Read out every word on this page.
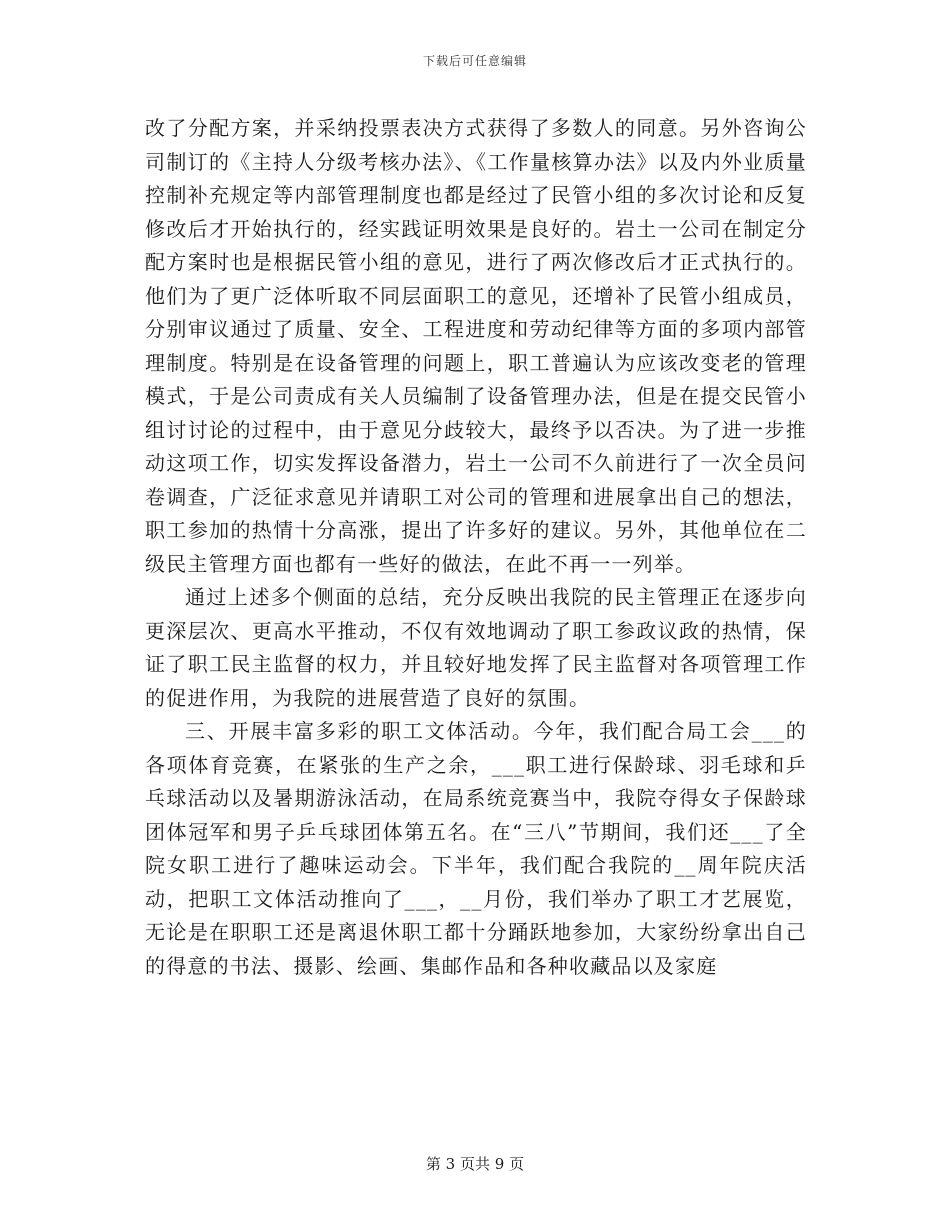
下载后可任意编辑

改了分配方案，并采纳投票表决方式获得了多数人的同意。另外咨询公司制订的《主持人分级考核办法》、《工作量核算办法》以及内外业质量控制补充规定等内部管理制度也都是经过了民管小组的多次讨论和反复修改后才开始执行的，经实践证明效果是良好的。岩土一公司在制定分配方案时也是根据民管小组的意见，进行了两次修改后才正式执行的。他们为了更广泛体听取不同层面职工的意见，还增补了民管小组成员，分别审议通过了质量、安全、工程进度和劳动纪律等方面的多项内部管理制度。特别是在设备管理的问题上，职工普遍认为应该改变老的管理模式，于是公司责成有关人员编制了设备管理办法，但是在提交民管小组讨讨论的过程中，由于意见分歧较大，最终予以否决。为了进一步推动这项工作，切实发挥设备潜力，岩土一公司不久前进行了一次全员问卷调查，广泛征求意见并请职工对公司的管理和进展拿出自己的想法，职工参加的热情十分高涨，提出了许多好的建议。另外，其他单位在二级民主管理方面也都有一些好的做法，在此不再一一列举。

通过上述多个侧面的总结，充分反映出我院的民主管理正在逐步向更深层次、更高水平推动，不仅有效地调动了职工参政议政的热情，保证了职工民主监督的权力，并且较好地发挥了民主监督对各项管理工作的促进作用，为我院的进展营造了良好的氛围。

三、开展丰富多彩的职工文体活动。今年，我们配合局工会___的各项体育竞赛，在紧张的生产之余，___职工进行保龄球、羽毛球和乒乓球活动以及暑期游泳活动，在局系统竞赛当中，我院夺得女子保龄球团体冠军和男子乒乓球团体第五名。在“三八”节期间，我们还___了全院女职工进行了趣味运动会。下半年，我们配合我院的__周年院庆活动，把职工文体活动推向了___，__月份，我们举办了职工才艺展览，无论是在职职工还是离退休职工都十分踊跃地参加，大家纷纷拿出自己的得意的书法、摄影、绘画、集邮作品和各种收藏品以及家庭

第 3 页共 9 页
